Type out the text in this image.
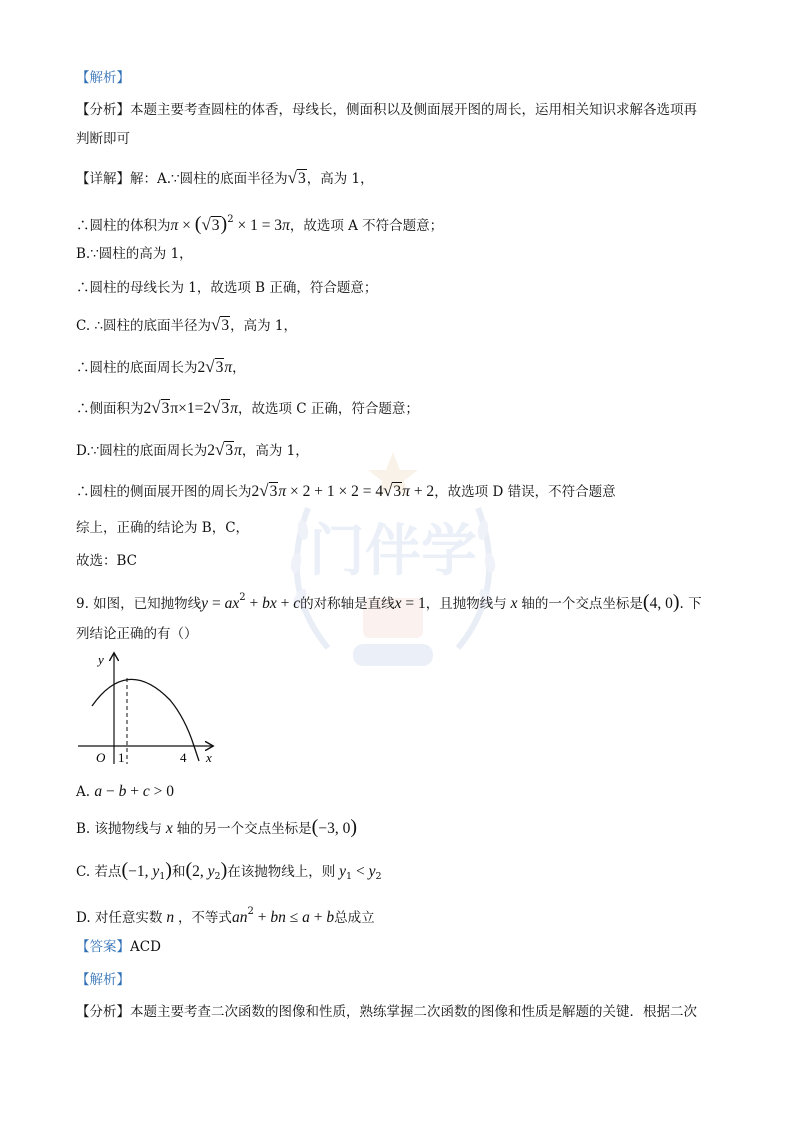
门伴学
【解析】
【分析】本题主要考查圆柱的体香，母线长，侧面积以及侧面展开图的周长，运用相关知识求解各选项再
判断即可
【详解】解：A.∵圆柱的底面半径为√3，高为 1，
∴圆柱的体积为$\pi \times (√3)^2 \times 1 = 3\pi$，故选项 A 不符合题意；
B.∵圆柱的高为 1，
∴圆柱的母线长为 1，故选项 B 正确，符合题意；
C. ∴圆柱的底面半径为√3，高为 1，
∴圆柱的底面周长为2√3π，
∴侧面积为2√3π×1=2√3π，故选项 C 正确，符合题意；
D.∵圆柱的底面周长为2√3π，高为 1，
∴圆柱的侧面展开图的周长为2√3π × 2 + 1 × 2 = 4√3π + 2，故选项 D 错误，不符合题意
综上，正确的结论为 B，C，
故选：BC
9. 如图，已知抛物线$y = ax^2$ + bx + c的对称轴是直线x = 1，且抛物线与 x 轴的一个交点坐标是(4, 0). 下
列结论正确的有（）
y
x
O 1	4
A. a − b + c > 0
B. 该抛物线与 x 轴的另一个交点坐标是(−3, 0)
C. 若点(−1, $y_1$)和(2, $y_2$)在该抛物线上，则 $y_1 < y_2$
D. 对任意实数 n ，不等式$an^2$ + bn ≤ a + b总成立
【答案】ACD
【解析】
【分析】本题主要考查二次函数的图像和性质，熟练掌握二次函数的图像和性质是解题的关键．根据二次
